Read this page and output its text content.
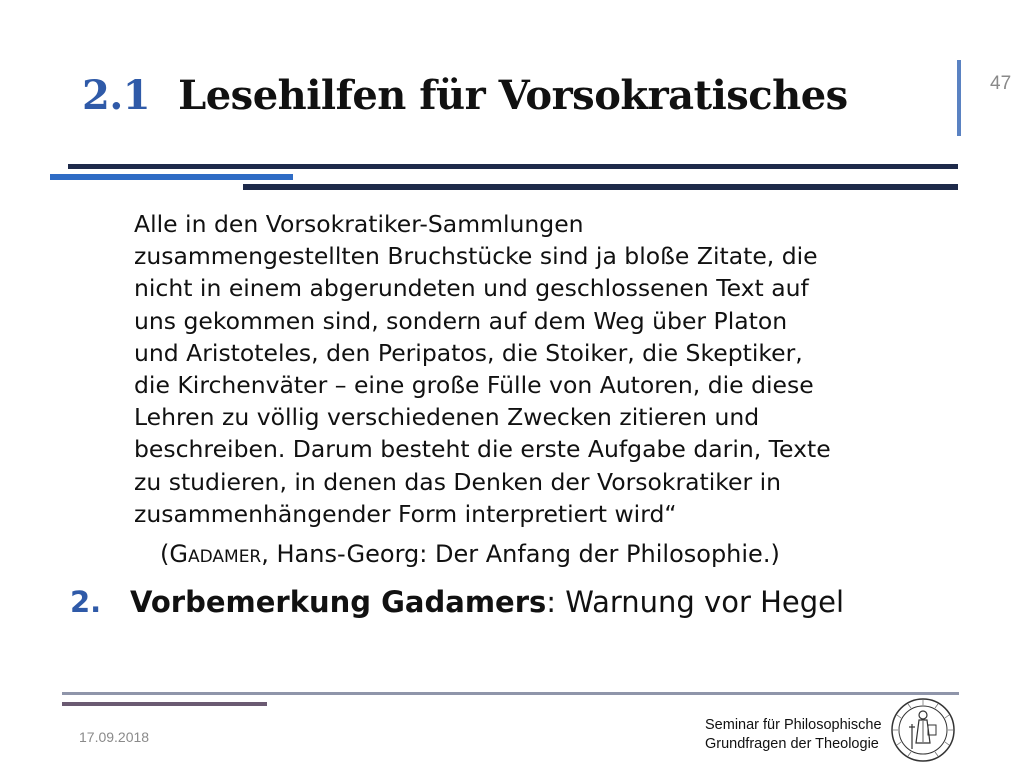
2.1 Lesehilfen für Vorsokratisches	47
Alle in den Vorsokratiker-Sammlungen
zusammengestellten Bruchstücke sind ja bloße Zitate, die
nicht in einem abgerundeten und geschlossenen Text auf
uns gekommen sind, sondern auf dem Weg über Platon
und Aristoteles, den Peripatos, die Stoiker, die Skeptiker,
die Kirchenväter – eine große Fülle von Autoren, die diese
Lehren zu völlig verschiedenen Zwecken zitieren und
beschreiben. Darum besteht die erste Aufgabe darin, Texte
zu studieren, in denen das Denken der Vorsokratiker in
zusammenhängender Form interpretiert wird“
(Gadamer, Hans-Georg: Der Anfang der Philosophie.)
2. Vorbemerkung Gadamers: Warnung vor Hegel
17.09.2018
Seminar für Philosophische
Grundfragen der Theologie
